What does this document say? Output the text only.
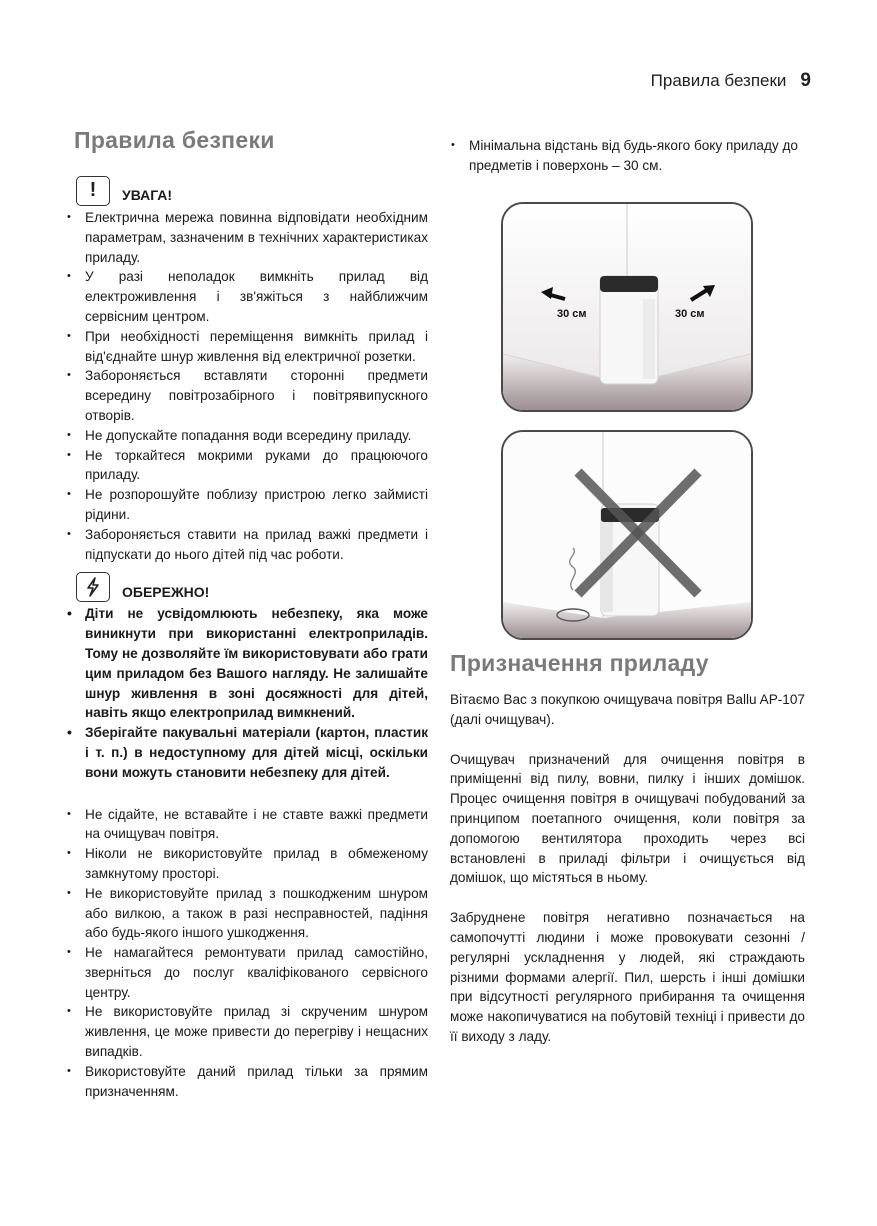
Правила безпеки 9
Правила безпеки
!	УВАГА!
• Електрична мережа повинна відповідати необхідним параметрам, зазначеним в технічних характеристиках приладу.
• У разі неполадок вимкніть прилад від електроживлення і зв'яжіться з найближчим сервісним центром.
• При необхідності переміщення вимкніть прилад і від'єднайте шнур живлення від електричної розетки.
• Забороняється вставляти сторонні предмети всередину повітрозабірного і повітрявипускного отворів.
• Не допускайте попадання води всередину приладу.
• Не торкайтеся мокрими руками до працюючого приладу.
• Не розпорошуйте поблизу пристрою легко займисті рідини.
• Забороняється ставити на прилад важкі предмети і підпускати до нього дітей під час роботи.
ОБЕРЕЖНО!
• Діти не усвідомлюють небезпеку, яка може виникнути при використанні електроприладів. Тому не дозволяйте їм використовувати або грати цим приладом без Вашого нагляду. Не залишайте шнур живлення в зоні досяжності для дітей, навіть якщо електроприлад вимкнений.
• Зберігайте пакувальні матеріали (картон, пластик і т. п.) в недоступному для дітей місці, оскільки вони можуть становити небезпеку для дітей.
• Не сідайте, не вставайте і не ставте важкі предмети на очищувач повітря.
• Ніколи не використовуйте прилад в обмеженому замкнутому просторі.
• Не використовуйте прилад з пошкодженим шнуром або вилкою, а також в разі несправностей, падіння або будь-якого іншого ушкодження.
• Не намагайтеся ремонтувати прилад самостійно, зверніться до послуг кваліфікованого сервісного центру.
• Не використовуйте прилад зі скрученим шнуром живлення, це може привести до перегріву і нещасних випадків.
• Використовуйте даний прилад тільки за прямим призначенням.
• Мінімальна відстань від будь-якого боку приладу до предметів і поверхонь – 30 см.
30 см	30 см
Призначення приладу

Вітаємо Вас з покупкою очищувача повітря Ballu AP-107 (далі очищувач).

Очищувач призначений для очищення повітря в приміщенні від пилу, вовни, пилку і інших домішок. Процес очищення повітря в очищувачі побудований за принципом поетапного очищення, коли повітря за допомогою вентилятора проходить через всі встановлені в приладі фільтри і очищується від домішок, що містяться в ньому.

Забруднене повітря негативно позначається на самопочутті людини і може провокувати сезонні /регулярні ускладнення у людей, які страждають різними формами алергії. Пил, шерсть і інші домішки при відсутності регулярного прибирання та очищення може накопичуватися на побутовій техніці і привести до її виходу з ладу.
